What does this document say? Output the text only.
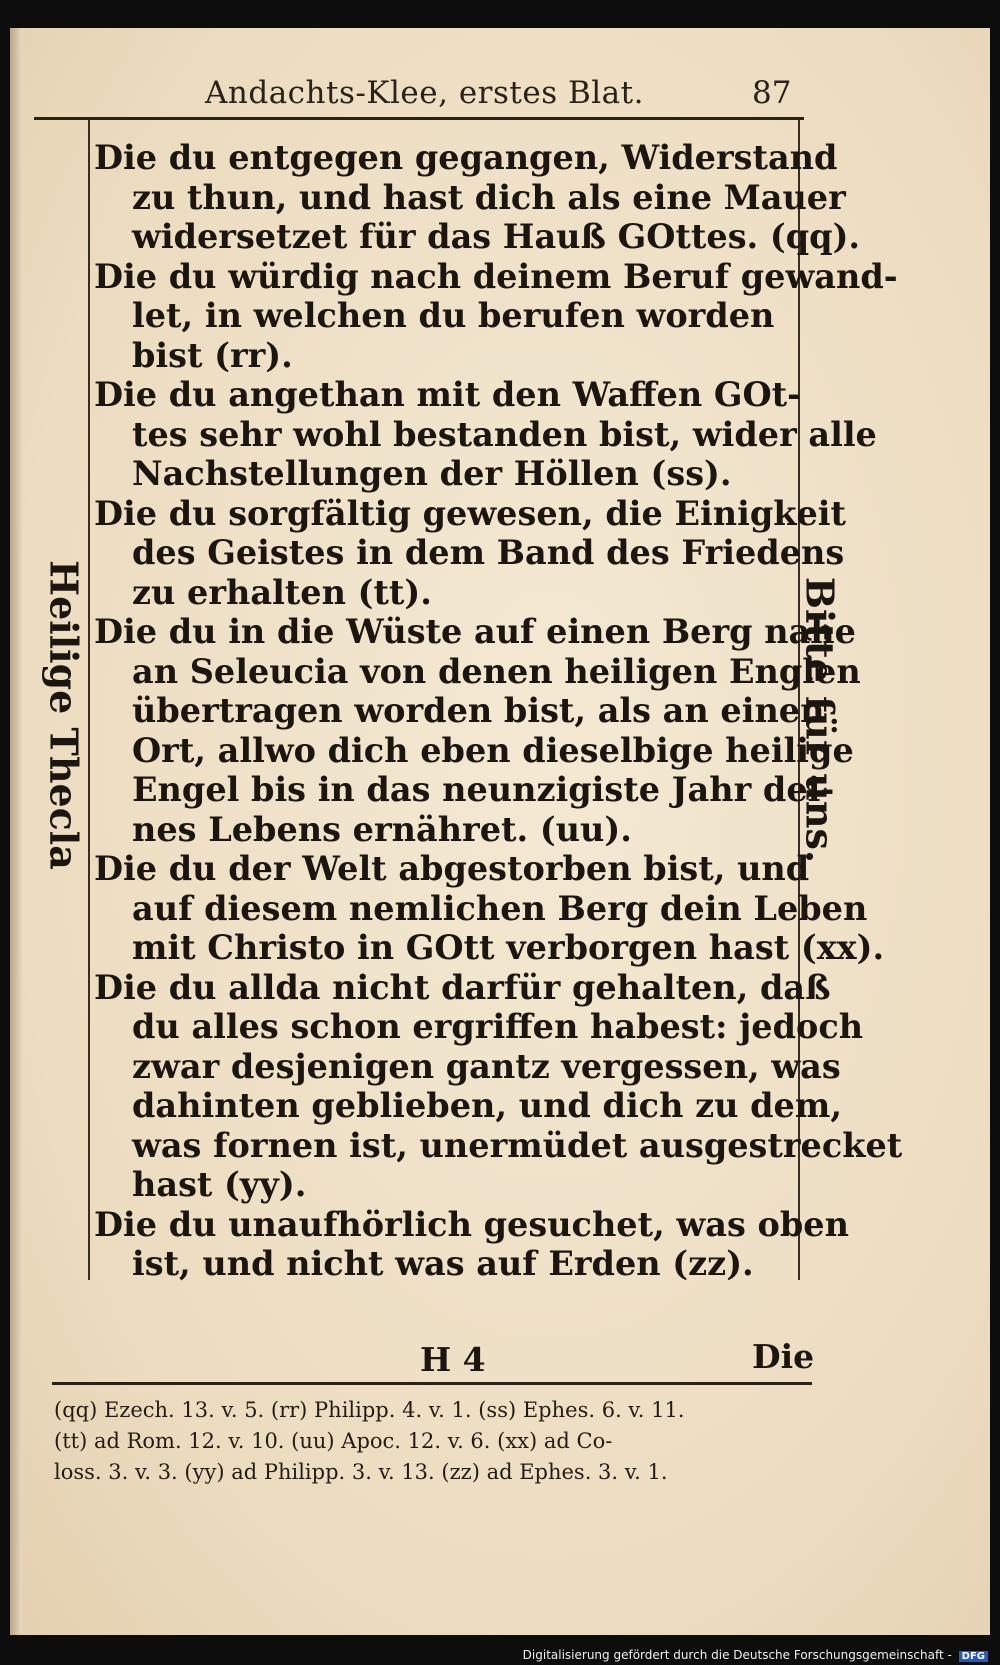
Andachts-Klee, erstes Blat.	87
Heilige Thecla	Bitte für uns.
Die du entgegen gegangen, Widerstand
zu thun, und hast dich als eine Mauer
widersetzet für das Hauß GOttes. (qq).
Die du würdig nach deinem Beruf gewand-
let, in welchen du berufen worden
bist (rr).
Die du angethan mit den Waffen GOt-
tes sehr wohl bestanden bist, wider alle
Nachstellungen der Höllen (ss).
Die du sorgfältig gewesen, die Einigkeit
des Geistes in dem Band des Friedens
zu erhalten (tt).
Die du in die Wüste auf einen Berg nahe
an Seleucia von denen heiligen Englen
übertragen worden bist, als an einen
Ort, allwo dich eben dieselbige heilige
Engel bis in das neunzigiste Jahr dei-
nes Lebens ernähret. (uu).
Die du der Welt abgestorben bist, und
auf diesem nemlichen Berg dein Leben
mit Christo in GOtt verborgen hast (xx).
Die du allda nicht darfür gehalten, daß
du alles schon ergriffen habest: jedoch
zwar desjenigen gantz vergessen, was
dahinten geblieben, und dich zu dem,
was fornen ist, unermüdet ausgestrecket
hast (yy).
Die du unaufhörlich gesuchet, was oben
ist, und nicht was auf Erden (zz).
H 4	Die
(qq) Ezech. 13. v. 5. (rr) Philipp. 4. v. 1. (ss) Ephes. 6. v. 11.
(tt) ad Rom. 12. v. 10. (uu) Apoc. 12. v. 6. (xx) ad Co-
loss. 3. v. 3. (yy) ad Philipp. 3. v. 13. (zz) ad Ephes. 3. v. 1.
Digitalisierung gefördert durch die Deutsche Forschungsgemeinschaft - DFG
